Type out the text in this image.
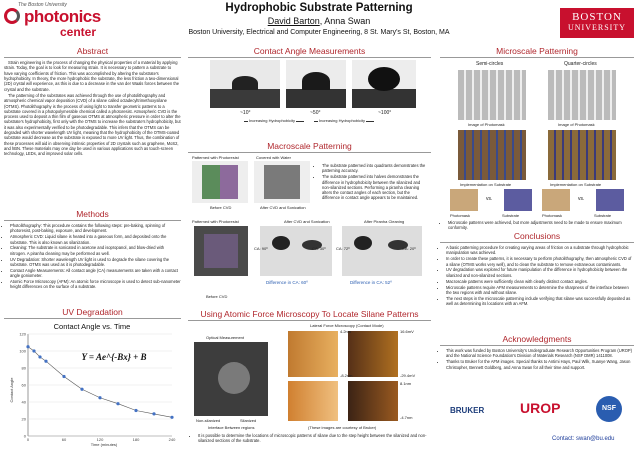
The Boston University
photonics
center
Hydrophobic Substrate Patterning
David Barton, Anna Swan
Boston University, Electrical and Computer Engineering, 8 St. Mary's St, Boston, MA
BOSTON
UNIVERSITY
Abstract
Strain engineering is the process of changing the physical properties of a material by applying strain. Today, the goal is to look for measuring strain. It is necessary to pattern a substrate to have varying coefficients of friction. This was accomplished by altering the substrate's hydrophobicity. In theory, the more hydrophobic the substrate, the less friction a two-dimensional (2D) crystal will experience, as this is due to a decrease in the van der Waals forces between the crystal and the substrate.
The patterning of the substrates was achieved through the use of photolithography and atmospheric chemical vapor deposition (CVD) of a silane called octadecyltrimethoxysilane (OTMS). Photolithography is the process of using light to transfer geometric patterns to a substrate covered in a photopolymerable chemical called a photoresist. Atmospheric CVD is the process used to deposit a thin film of gaseous OTMS at atmospheric pressure in order to alter the substrate's hydrophobicity, first only with the OTMS to increase the substrate's hydrophobicity, but it was also experimentally verified to be photodegradable. This infers that the OTMS can be degraded with shorter wavelength UV light, meaning that the hydrophobicity of the OTMS-coated substrate would decrease as the substrate is exposed to more UV light. Thus, the combination of these processes will aid in observing intrinsic properties of 2D crystals such as graphene, MoS2, and hBN. These materials may one day be used in various applications such as touch-screen technology, LEDs, and improved solar cells.
Methods
• Photolithography: This procedure contains the following steps: pre-baking, spinning of photoresist, post-baking, exposure, and development.
• Atmospheric CVD: Liquid silane is heated into a gaseous form, and deposited onto the substrate. This is also known as silanization.
• Cleaning: The substrate is sonicated in acetone and isopropanol, and blow-dried with nitrogen. A piranha cleaning may be performed as well.
• UV Degradation: Shorter wavelength UV light is used to degrade the silane covering the substrate. OTMS was used as it is photodegradable.
• Contact Angle Measurements: All contact angle (CA) measurements are taken with a contact angle goniometer.
• Atomic Force Microscopy (AFM): An atomic force microscope is used to detect sub-nanometer height differences on the surface of a substrate.
UV Degradation
Contact Angle vs. Time
Y = Ae^{-Bx} + B
Contact Angle
Time (minutes)
0
20
40
60
80
100
120
0	60	120	180	240
Contact Angle Measurements
~10°	~50°	~100°
Increasing Hydrophobicity	Increasing Hydrophobicity
Macroscale Patterning
Patterned with Photoresist	Covered with Water
Before CVD	After CVD and Sonication
• The substrate patterned into quadrants demonstrates the patterning accuracy.
• The substrate patterned into halves demonstrates the difference in hydrophobicity between the silanized and non-silanized sections. Performing a piranha cleaning alters the contact angles of each section, but the difference in contact angle appears to be maintained.
Patterned with Photoresist	After CVD and Sonication	After Piranha Cleaning
CA: 90º	CA: 30º	CA: 72º	CA: 20º
Before CVD
Difference in CA: 60º	Difference in CA: 52º
Using Atomic Force Microscopy To Locate Silane Patterns
Lateral Force Microscopy (Contact Mode)
Optical Measurement
4.2nm
-8.2nm
16.6mV
-29.4mV
8.1nm
-4.7nm
Non-silanized	Silanized
Interface Between regions	(These images are courtesy of Bruker)
• It is possible to determine the locations of microscopic patterns of silane due to the step height between the silanized and non-silanized sections of the substrate.
Microscale Patterning
Semi-circles	Quarter-circles
Image of Photomask	Image of Photomask
Implementation on Substrate	Implementation on Substrate
vs.	vs.
Photomask	Substrate	Photomask	Substrate
• Microscale patterns were achieved, but more adjustments need to be made to ensure maximum conformity.
Conclusions
• A basic patterning procedure for creating varying areas of friction on a substrate through hydrophobic manipulation was achieved.
• In order to create these patterns, it is necessary to perform photolithography, then atmospheric CVD of a silane (OTMS works very well), and to clean the substrate to remove extraneous contaminants.
• UV degradation was explored for future manipulation of the difference in hydrophobicity between the silanized and non-silanized sections.
• Macroscale patterns were sufficiently clean with clearly distinct contact angles.
• Microscale patterns require AFM measurements to determine the sharpness of the interface between the two regions with and without silane.
• The next steps in the microscale patterning include verifying that silane was successfully deposited as well as determining its locations with an AFM.
Acknowledgments
• This work was funded by Boston University's Undergraduate Research Opportunities Program (UROP) and the National Science Foundation's Division of Materials Research (NSF DMR) 1411008.
• Thanks to Bruker for the AFM images. Special thanks to Antimi Hays, Paul Wilk, Xuanye Wang, Jason Christopher, Bennett Goldberg, and Anna Swan for all their time and support.
BRUKER	UROP	NSF
Contact: swan@bu.edu
